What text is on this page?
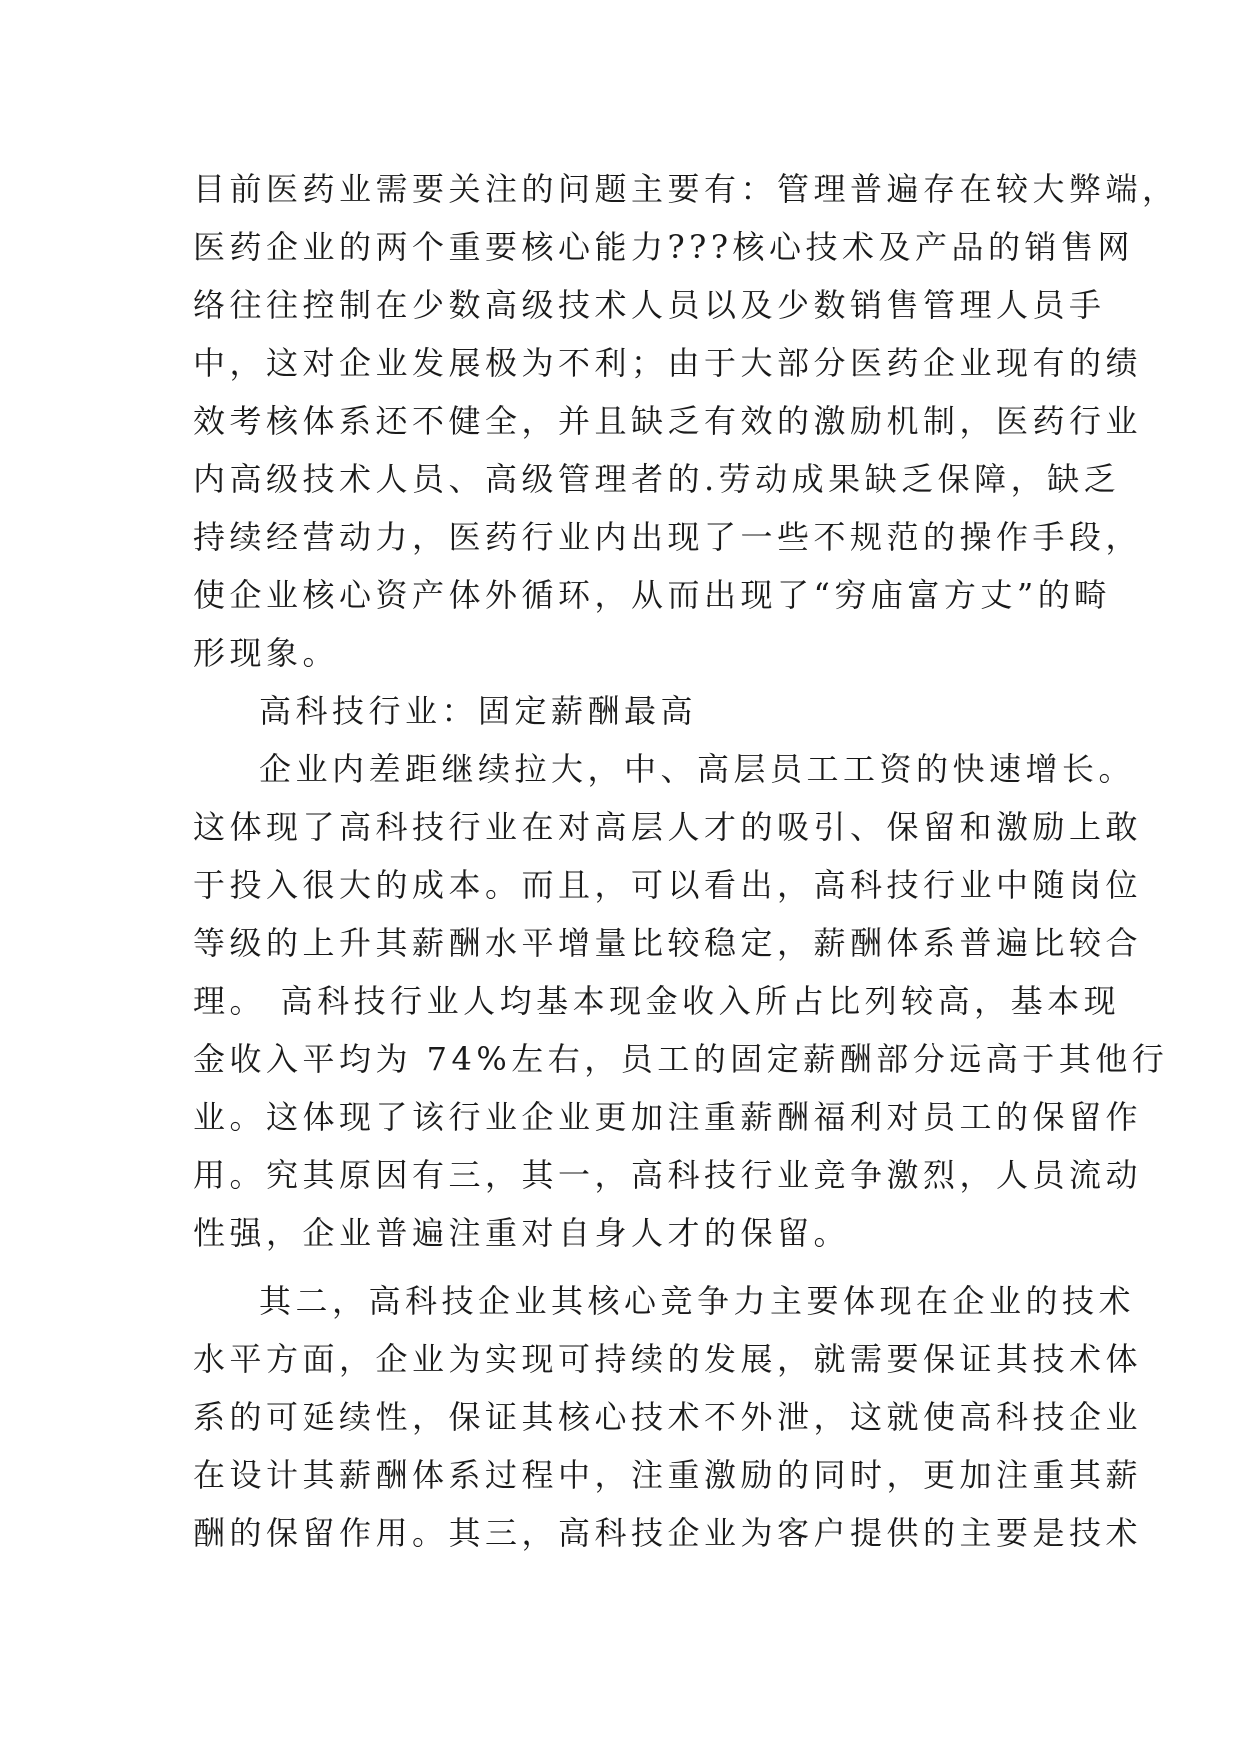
目前医药业需要关注的问题主要有：管理普遍存在较大弊端，
医药企业的两个重要核心能力???核心技术及产品的销售网
络往往控制在少数高级技术人员以及少数销售管理人员手
中，这对企业发展极为不利；由于大部分医药企业现有的绩
效考核体系还不健全，并且缺乏有效的激励机制，医药行业
内高级技术人员、高级管理者的.劳动成果缺乏保障，缺乏
持续经营动力，医药行业内出现了一些不规范的操作手段，
使企业核心资产体外循环，从而出现了“穷庙富方丈”的畸
形现象。
高科技行业：固定薪酬最高
企业内差距继续拉大，中、高层员工工资的快速增长。
这体现了高科技行业在对高层人才的吸引、保留和激励上敢
于投入很大的成本。而且，可以看出，高科技行业中随岗位
等级的上升其薪酬水平增量比较稳定，薪酬体系普遍比较合
理。 高科技行业人均基本现金收入所占比列较高，基本现
金收入平均为 74%左右，员工的固定薪酬部分远高于其他行
业。这体现了该行业企业更加注重薪酬福利对员工的保留作
用。究其原因有三，其一，高科技行业竞争激烈，人员流动
性强，企业普遍注重对自身人才的保留。
其二，高科技企业其核心竞争力主要体现在企业的技术
水平方面，企业为实现可持续的发展，就需要保证其技术体
系的可延续性，保证其核心技术不外泄，这就使高科技企业
在设计其薪酬体系过程中，注重激励的同时，更加注重其薪
酬的保留作用。其三，高科技企业为客户提供的主要是技术
